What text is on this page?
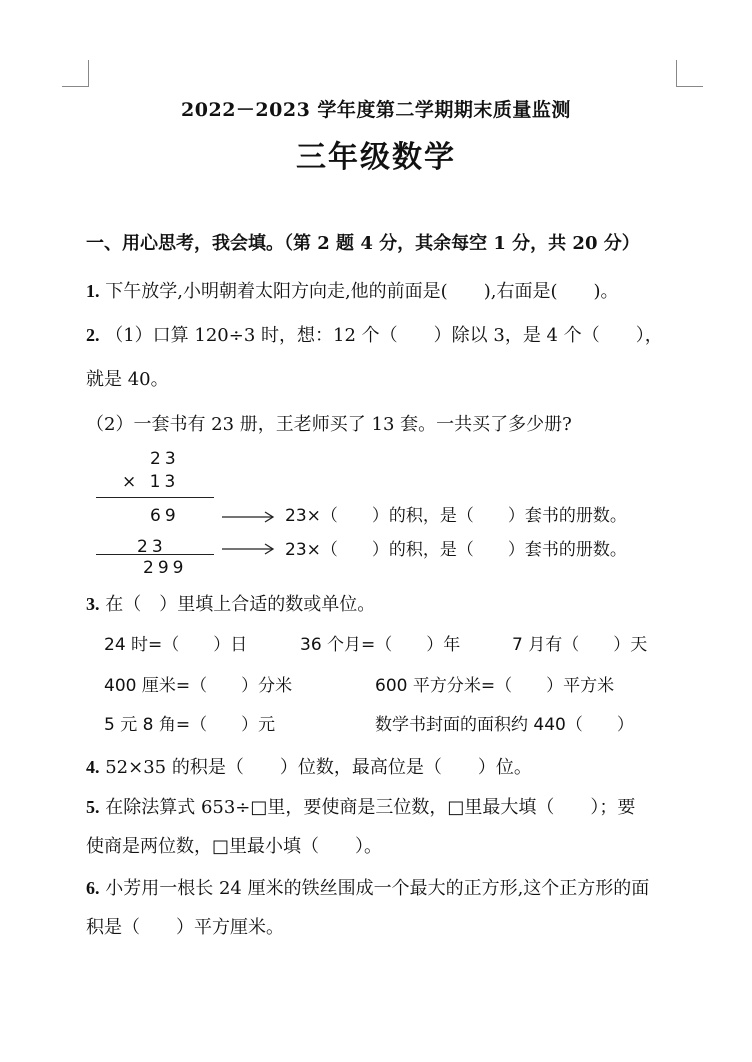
2022－2023 学年度第二学期期末质量监测
三年级数学
一、用心思考，我会填。（第 2 题 4 分，其余每空 1 分，共 20 分）
1. 下午放学,小明朝着太阳方向走,他的前面是(　　),右面是(　　)。
2. （1）口算 120÷3 时，想：12 个（　　）除以 3，是 4 个（　　），
就是 40。
（2）一套书有 23 册，王老师买了 13 套。一共买了多少册?
23
× 13
69
23
299
23×（　　）的积，是（　　）套书的册数。
23×（　　）的积，是（　　）套书的册数。
3. 在（　）里填上合适的数或单位。
24 时=（　　）日	36 个月=（　　）年	7 月有（　　）天
400 厘米=（　　）分米	600 平方分米=（　　）平方米
5 元 8 角=（　　）元	数学书封面的面积约 440（　　）
4. 52×35 的积是（　　）位数，最高位是（　　）位。
5. 在除法算式 653÷□里，要使商是三位数，□里最大填（　　）；要
使商是两位数，□里最小填（　　）。
6. 小芳用一根长 24 厘米的铁丝围成一个最大的正方形,这个正方形的面
积是（　　）平方厘米。
